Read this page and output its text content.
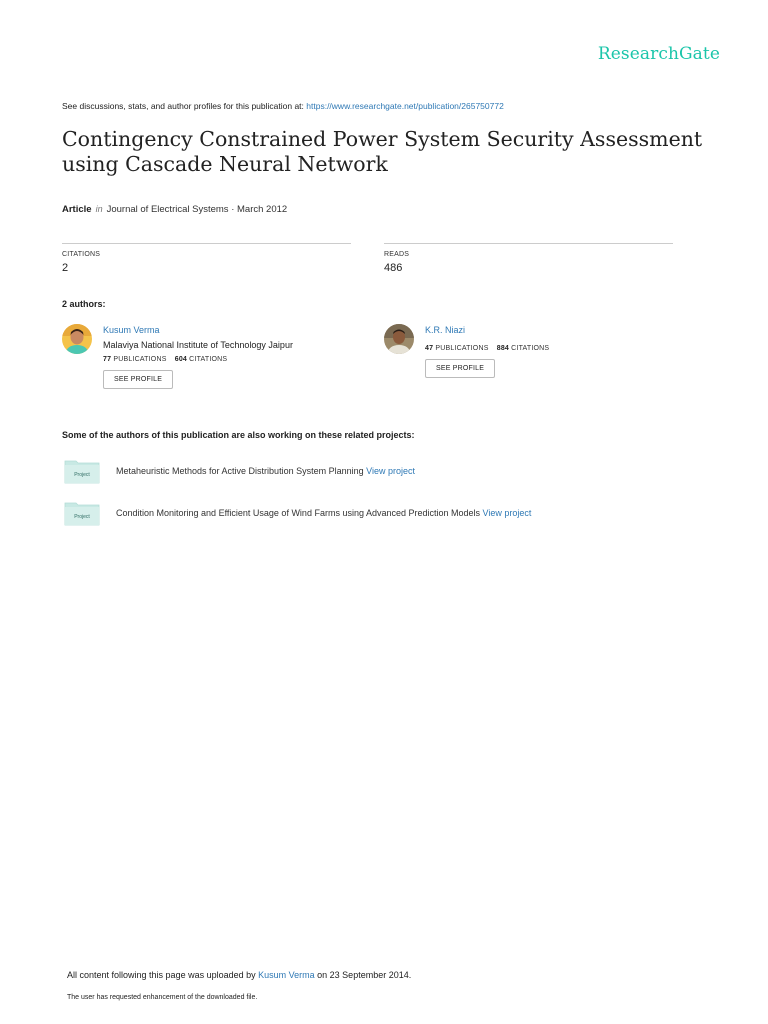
ResearchGate
See discussions, stats, and author profiles for this publication at: https://www.researchgate.net/publication/265750772
Contingency Constrained Power System Security Assessment using Cascade Neural Network
Article in Journal of Electrical Systems · March 2012
CITATIONS
2
READS
486
2 authors:
Kusum Verma
Malaviya National Institute of Technology Jaipur
77 PUBLICATIONS 604 CITATIONS
SEE PROFILE
K.R. Niazi
47 PUBLICATIONS 884 CITATIONS
SEE PROFILE
Some of the authors of this publication are also working on these related projects:
Project	Metaheuristic Methods for Active Distribution System Planning View project
Project	Condition Monitoring and Efficient Usage of Wind Farms using Advanced Prediction Models View project
All content following this page was uploaded by Kusum Verma on 23 September 2014.
The user has requested enhancement of the downloaded file.
